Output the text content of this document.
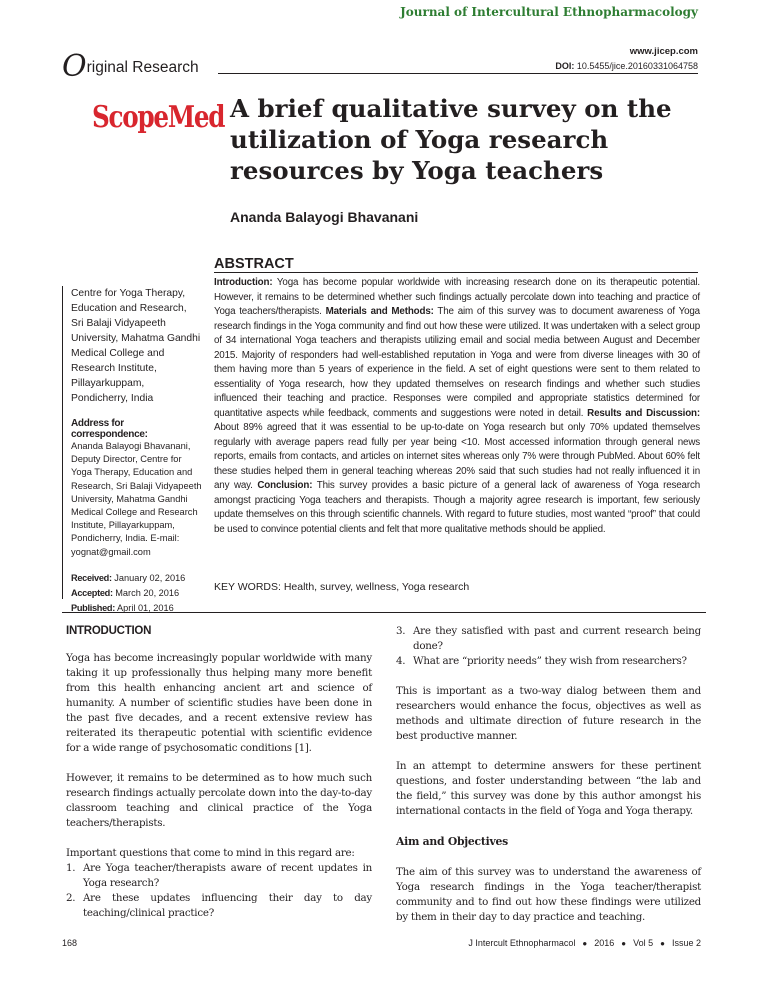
Journal of Intercultural Ethnopharmacology
www.jicep.com
DOI: 10.5455/jice.20160331064758
Original Research
ScopeMed A brief qualitative survey on the utilization of Yoga research resources by Yoga teachers
Ananda Balayogi Bhavanani
ABSTRACT
Introduction: Yoga has become popular worldwide with increasing research done on its therapeutic potential. However, it remains to be determined whether such findings actually percolate down into teaching and practice of Yoga teachers/therapists. Materials and Methods: The aim of this survey was to document awareness of Yoga research findings in the Yoga community and find out how these were utilized. It was undertaken with a select group of 34 international Yoga teachers and therapists utilizing email and social media between August and December 2015. Majority of responders had well-established reputation in Yoga and were from diverse lineages with 30 of them having more than 5 years of experience in the field. A set of eight questions were sent to them related to essentiality of Yoga research, how they updated themselves on research findings and whether such studies influenced their teaching and practice. Responses were compiled and appropriate statistics determined for quantitative aspects while feedback, comments and suggestions were noted in detail. Results and Discussion: About 89% agreed that it was essential to be up-to-date on Yoga research but only 70% updated themselves regularly with average papers read fully per year being <10. Most accessed information through general news reports, emails from contacts, and articles on internet sites whereas only 7% were through PubMed. About 60% felt these studies helped them in general teaching whereas 20% said that such studies had not really influenced it in any way. Conclusion: This survey provides a basic picture of a general lack of awareness of Yoga research amongst practicing Yoga teachers and therapists. Though a majority agree research is important, few seriously update themselves on this through scientific channels. With regard to future studies, most wanted “proof” that could be used to convince potential clients and felt that more qualitative methods should be applied.
KEY WORDS: Health, survey, wellness, Yoga research
Centre for Yoga Therapy, Education and Research, Sri Balaji Vidyapeeth University, Mahatma Gandhi Medical College and Research Institute, Pillayarkuppam, Pondicherry, India
Address for correspondence:
Ananda Balayogi Bhavanani, Deputy Director, Centre for Yoga Therapy, Education and Research, Sri Balaji Vidyapeeth University, Mahatma Gandhi Medical College and Research Institute, Pillayarkuppam, Pondicherry, India. E-mail: yognat@gmail.com
Received: January 02, 2016
Accepted: March 20, 2016
Published: April 01, 2016
INTRODUCTION

Yoga has become increasingly popular worldwide with many taking it up professionally thus helping many more benefit from this health enhancing ancient art and science of humanity. A number of scientific studies have been done in the past five decades, and a recent extensive review has reiterated its therapeutic potential with scientific evidence for a wide range of psychosomatic conditions [1].

However, it remains to be determined as to how much such research findings actually percolate down into the day-to-day classroom teaching and clinical practice of the Yoga teachers/therapists.

Important questions that come to mind in this regard are:

1. Are Yoga teacher/therapists aware of recent updates in Yoga research?
2. Are these updates influencing their day to day teaching/clinical practice?
3. Are they satisfied with past and current research being done?
4. What are “priority needs” they wish from researchers?

This is important as a two-way dialog between them and researchers would enhance the focus, objectives as well as methods and ultimate direction of future research in the best productive manner.

In an attempt to determine answers for these pertinent questions, and foster understanding between “the lab and the field,” this survey was done by this author amongst his international contacts in the field of Yoga and Yoga therapy.

Aim and Objectives

The aim of this survey was to understand the awareness of Yoga research findings in the Yoga teacher/therapist community and to find out how these findings were utilized by them in their day to day practice and teaching.

168	J Intercult Ethnopharmacol ● 2016 ● Vol 5 ● Issue 2
